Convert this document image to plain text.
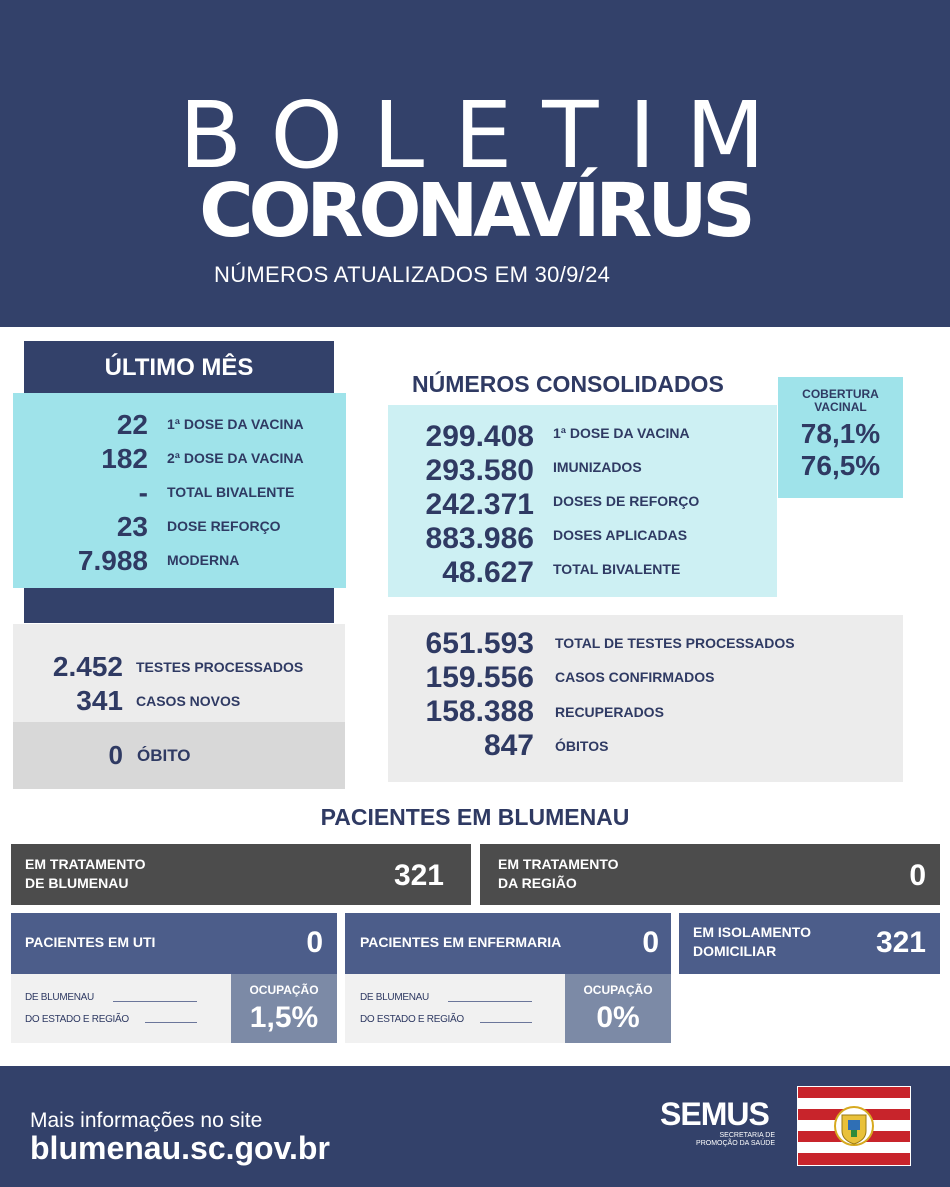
BOLETIM
CORONAVÍRUS
NÚMEROS ATUALIZADOS EM 30/9/24
ÚLTIMO MÊS
22 1ª DOSE DA VACINA
182 2ª DOSE DA VACINA
- TOTAL BIVALENTE
23 DOSE REFORÇO
7.988 MODERNA
2.452 TESTES PROCESSADOS
341 CASOS NOVOS
0 ÓBITO
NÚMEROS CONSOLIDADOS
299.408 1ª DOSE DA VACINA
293.580 IMUNIZADOS
242.371 DOSES DE REFORÇO
883.986 DOSES APLICADAS
48.627 TOTAL BIVALENTE
COBERTURA
VACINAL
78,1%
76,5%
651.593 TOTAL DE TESTES PROCESSADOS
159.556 CASOS CONFIRMADOS
158.388 RECUPERADOS
847 ÓBITOS
PACIENTES EM BLUMENAU
EM TRATAMENTO
DE BLUMENAU	321	EM TRATAMENTO
DA REGIÃO	0
PACIENTES EM UTI	0
DE BLUMENAU
DO ESTADO E REGIÃO
OCUPAÇÃO
1,5%
PACIENTES EM ENFERMARIA	0
DE BLUMENAU
DO ESTADO E REGIÃO
OCUPAÇÃO
0%
EM ISOLAMENTO
DOMICILIAR	321
Mais informações no site
blumenau.sc.gov.br
SEMUS
SECRETARIA DE
PROMOÇÃO DA SAÚDE
